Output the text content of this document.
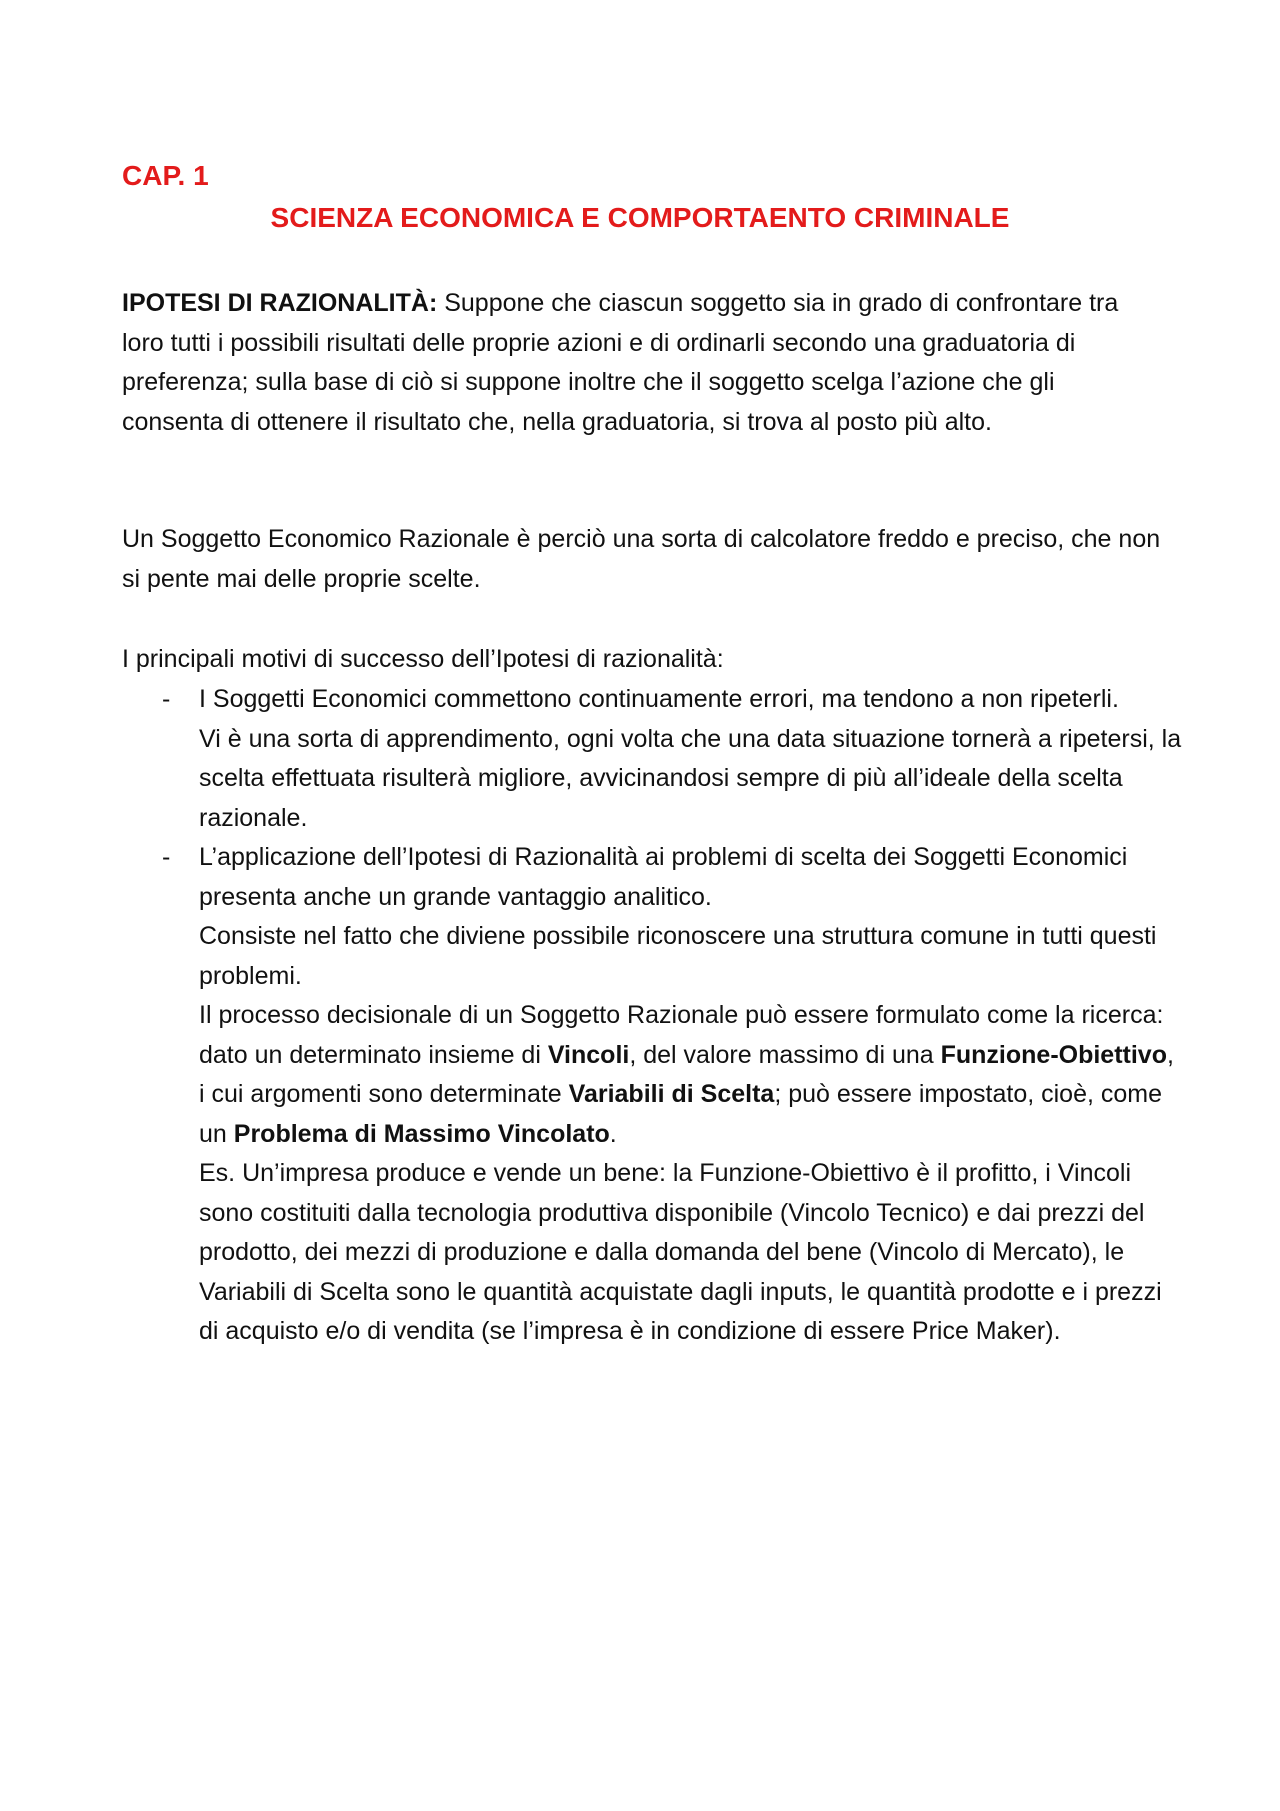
CAP. 1
SCIENZA ECONOMICA E COMPORTAENTO CRIMINALE

IPOTESI DI RAZIONALITÀ: Suppone che ciascun soggetto sia in grado di confrontare tra loro tutti i possibili risultati delle proprie azioni e di ordinarli secondo una graduatoria di preferenza; sulla base di ciò si suppone inoltre che il soggetto scelga l’azione che gli consenta di ottenere il risultato che, nella graduatoria, si trova al posto più alto.

Un Soggetto Economico Razionale è perciò una sorta di calcolatore freddo e preciso, che non si pente mai delle proprie scelte.

I principali motivi di successo dell’Ipotesi di razionalità:

- I Soggetti Economici commettono continuamente errori, ma tendono a non ripeterli.
Vi è una sorta di apprendimento, ogni volta che una data situazione tornerà a ripetersi, la scelta effettuata risulterà migliore, avvicinandosi sempre di più all’ideale della scelta razionale.
- L’applicazione dell’Ipotesi di Razionalità ai problemi di scelta dei Soggetti Economici presenta anche un grande vantaggio analitico.
Consiste nel fatto che diviene possibile riconoscere una struttura comune in tutti questi problemi.
Il processo decisionale di un Soggetto Razionale può essere formulato come la ricerca: dato un determinato insieme di Vincoli, del valore massimo di una Funzione-Obiettivo, i cui argomenti sono determinate Variabili di Scelta; può essere impostato, cioè, come un Problema di Massimo Vincolato.
Es. Un’impresa produce e vende un bene: la Funzione-Obiettivo è il profitto, i Vincoli sono costituiti dalla tecnologia produttiva disponibile (Vincolo Tecnico) e dai prezzi del prodotto, dei mezzi di produzione e dalla domanda del bene (Vincolo di Mercato), le Variabili di Scelta sono le quantità acquistate dagli inputs, le quantità prodotte e i prezzi di acquisto e/o di vendita (se l’impresa è in condizione di essere Price Maker).
